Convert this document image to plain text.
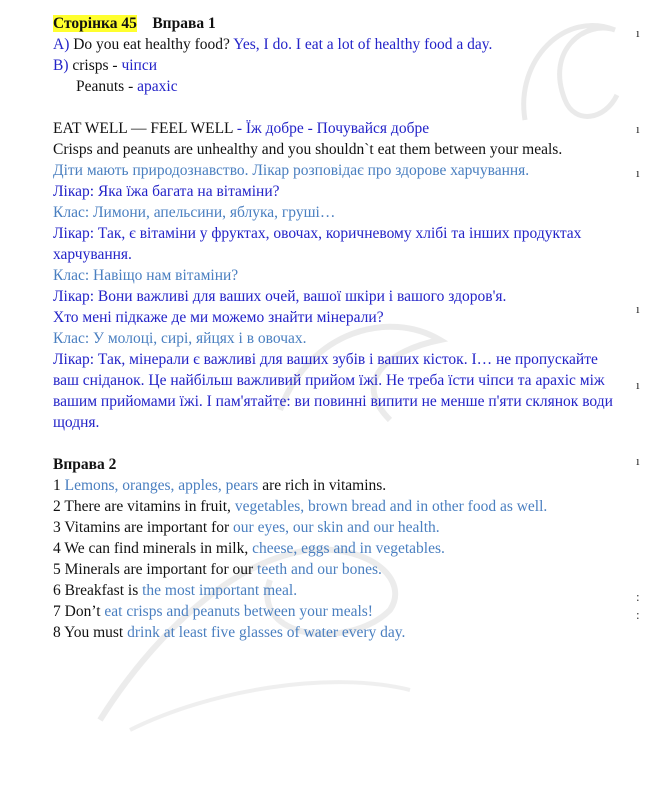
ı
ı
ı
ı
ı
ı
:
:
Сторінка 45 Вправа 1
A) Do you eat healthy food? Yes, I do. I eat a lot of healthy food a day.
B) crisps - чіпси
Peanuts - арахіс
EAT WELL — FEEL WELL - Їж добре - Почувайся добре
Crisps and peanuts are unhealthy and you shouldn`t eat them between your meals.
Діти мають природознавство. Лікар розповідає про здорове харчування.
Лікар: Яка їжа багата на вітаміни?
Клас: Лимони, апельсини, яблука, груші…
Лікар: Так, є вітаміни у фруктах, овочах, коричневому хлібі та інших продуктах харчування.
Клас: Навіщо нам вітаміни?
Лікар: Вони важливі для ваших очей, вашої шкіри і вашого здоров'я.
Хто мені підкаже де ми можемо знайти мінерали?
Клас: У молоці, сирі, яйцях і в овочах.
Лікар: Так, мінерали є важливі для ваших зубів і ваших кісток. І… не пропускайте ваш сніданок. Це найбільш важливий прийом їжі. Не треба їсти чіпси та арахіс між вашим прийомами їжі. І пам'ятайте: ви повинні випити не менше п'яти склянок води щодня.
Вправа 2
1 Lemons, oranges, apples, pears are rich in vitamins.
2 There are vitamins in fruit, vegetables, brown bread and in other food as well.
3 Vitamins are important for our eyes, our skin and our health.
4 We can find minerals in milk, cheese, eggs and in vegetables.
5 Minerals are important for our teeth and our bones.
6 Breakfast is the most important meal.
7 Don’t eat crisps and peanuts between your meals!
8 You must drink at least five glasses of water every day.
